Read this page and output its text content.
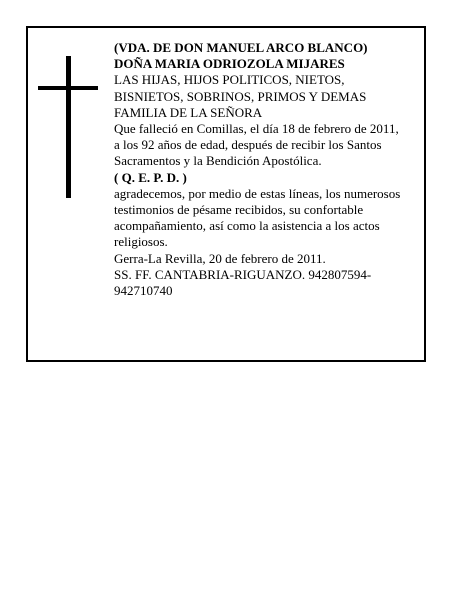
(VDA. DE DON MANUEL ARCO BLANCO)
DOÑA MARIA ODRIOZOLA MIJARES
LAS HIJAS, HIJOS POLITICOS, NIETOS,
BISNIETOS, SOBRINOS, PRIMOS Y DEMAS
FAMILIA DE LA SEÑORA
Que falleció en Comillas, el día 18 de febrero de 2011,
a los 92 años de edad, después de recibir los Santos
Sacramentos y la Bendición Apostólica.
( Q. E. P. D. )
agradecemos, por medio de estas líneas, los numerosos
testimonios de pésame recibidos, su confortable
acompañamiento, así como la asistencia a los actos
religiosos.
Gerra-La Revilla, 20 de febrero de 2011.
SS. FF. CANTABRIA-RIGUANZO. 942807594-
942710740
